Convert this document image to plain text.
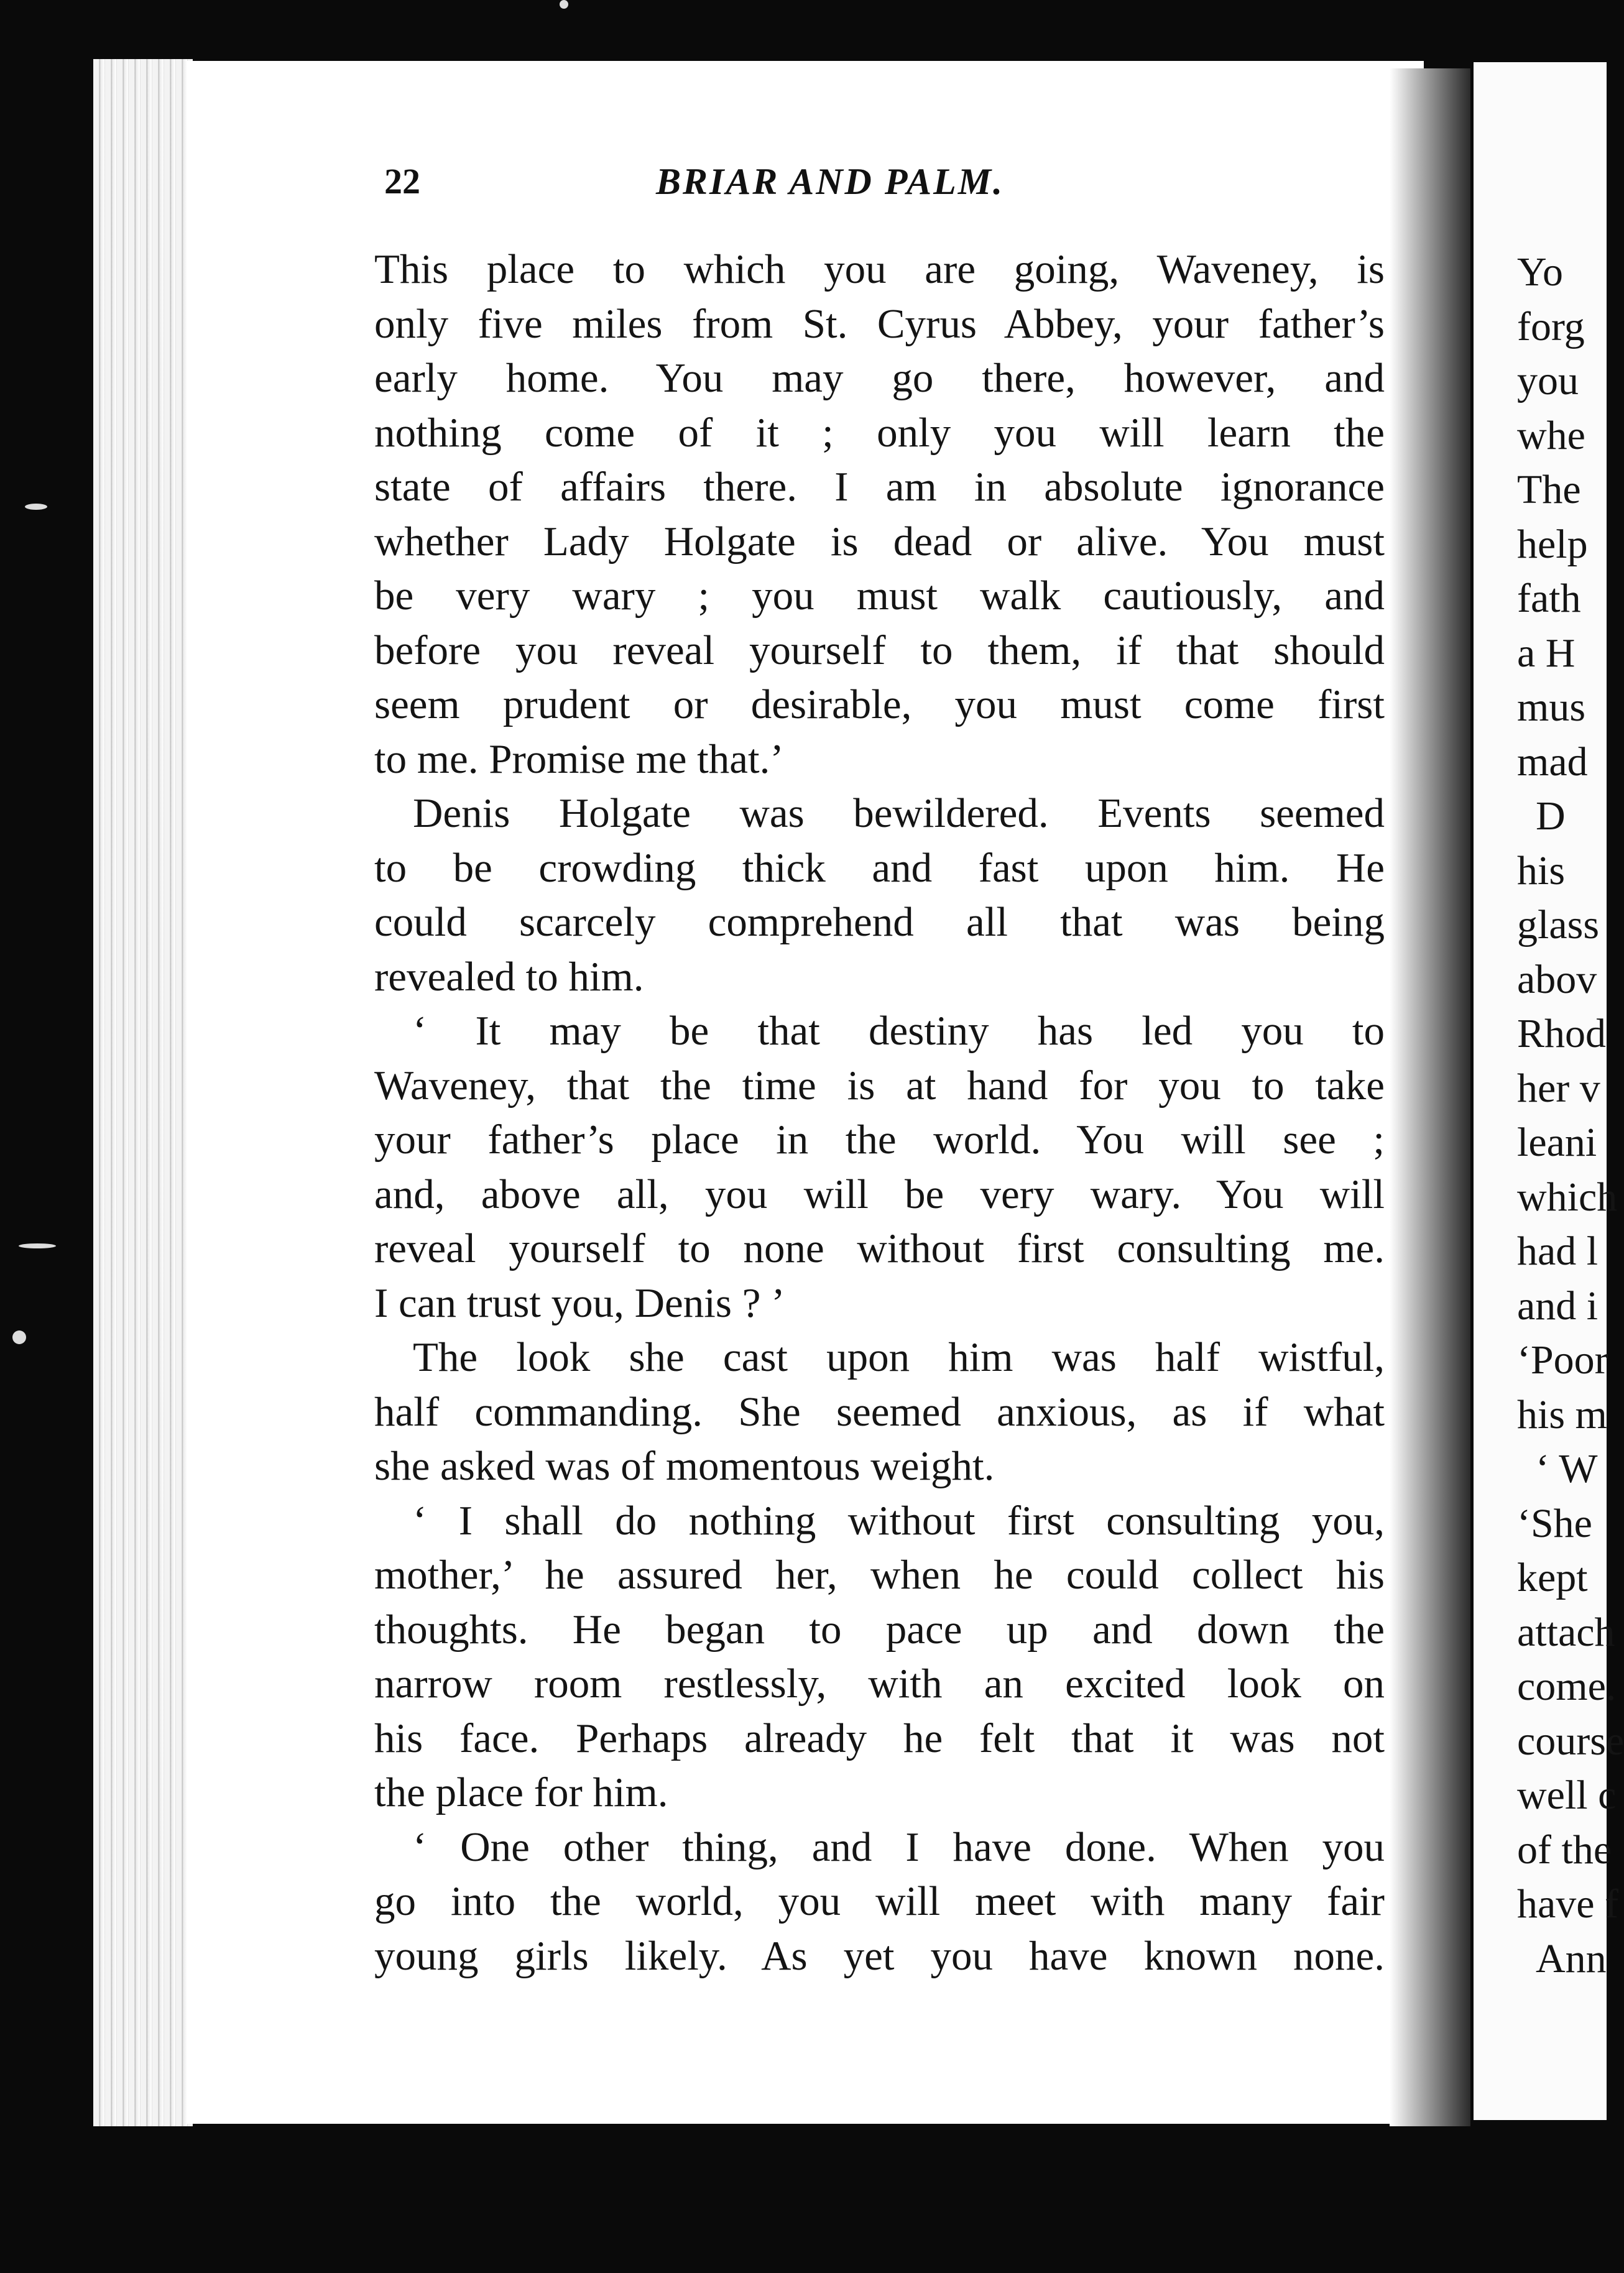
Yo
forg
you
whe
The
help
fath
a H
mus
mad
D
his
glass
abov
Rhod
her v
leani
which
had l
and i
‘Poor
his m
‘ W
‘She
kept
attach
come.
course
well c
of the
have f
Ann
22	BRIAR AND PALM.
This place to which you are going, Waveney, is
only five miles from St. Cyrus Abbey, your father’s
early home. You may go there, however, and
nothing come of it ; only you will learn the
state of affairs there. I am in absolute ignorance
whether Lady Holgate is dead or alive. You must
be very wary ; you must walk cautiously, and
before you reveal yourself to them, if that should
seem prudent or desirable, you must come first
to me. Promise me that.’
Denis Holgate was bewildered. Events seemed
to be crowding thick and fast upon him. He
could scarcely comprehend all that was being
revealed to him.
‘ It may be that destiny has led you to
Waveney, that the time is at hand for you to take
your father’s place in the world. You will see ;
and, above all, you will be very wary. You will
reveal yourself to none without first consulting me.
I can trust you, Denis ? ’
The look she cast upon him was half wistful,
half commanding. She seemed anxious, as if what
she asked was of momentous weight.
‘ I shall do nothing without first consulting you,
mother,’ he assured her, when he could collect his
thoughts. He began to pace up and down the
narrow room restlessly, with an excited look on
his face. Perhaps already he felt that it was not
the place for him.
‘ One other thing, and I have done. When you
go into the world, you will meet with many fair
young girls likely. As yet you have known none.
